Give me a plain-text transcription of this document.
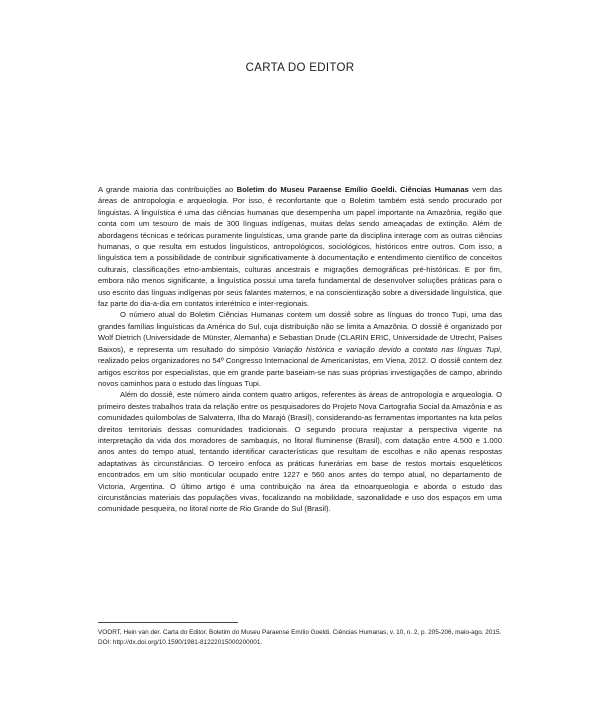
CARTA DO EDITOR

A grande maioria das contribuições ao Boletim do Museu Paraense Emílio Goeldi. Ciências Humanas vem das áreas de antropologia e arqueologia. Por isso, é reconfortante que o Boletim também está sendo procurado por linguistas. A linguística é uma das ciências humanas que desempenha um papel importante na Amazônia, região que conta com um tesouro de mais de 300 línguas indígenas, muitas delas sendo ameaçadas de extinção. Além de abordagens técnicas e teóricas puramente linguísticas, uma grande parte da disciplina interage com as outras ciências humanas, o que resulta em estudos linguísticos, antropológicos, sociológicos, históricos entre outros. Com isso, a linguística tem a possibilidade de contribuir significativamente à documentação e entendimento científico de conceitos culturais, classificações etno-ambientais, culturas ancestrais e migrações demográficas pré-históricas. E por fim, embora não menos significante, a linguística possui uma tarefa fundamental de desenvolver soluções práticas para o uso escrito das línguas indígenas por seus falantes maternos, e na conscientização sobre a diversidade linguística, que faz parte do dia-a-dia em contatos interétnico e inter-regionais.

O número atual do Boletim Ciências Humanas contem um dossiê sobre as línguas do tronco Tupi, uma das grandes famílias linguísticas da América do Sul, cuja distribuição não se limita a Amazônia. O dossiê é organizado por Wolf Dietrich (Universidade de Münster, Alemanha) e Sebastian Drude (CLARIN ERIC, Universidade de Utrecht, Países Baixos), e representa um resultado do simpósio Variação histórica e variação devido a contato nas línguas Tupi, realizado pelos organizadores no 54º Congresso Internacional de Americanistas, em Viena, 2012. O dossiê contem dez artigos escritos por especialistas, que em grande parte baseiam-se nas suas próprias investigações de campo, abrindo novos caminhos para o estudo das línguas Tupi.

Além do dossiê, este número ainda contem quatro artigos, referentes às áreas de antropologia e arqueologia. O primeiro destes trabalhos trata da relação entre os pesquisadores do Projeto Nova Cartografia Social da Amazônia e as comunidades quilombolas de Salvaterra, Ilha do Marajó (Brasil), considerando-as ferramentas importantes na luta pelos direitos territoriais dessas comunidades tradicionais. O segundo procura reajustar a perspectiva vigente na interpretação da vida dos moradores de sambaquis, no litoral fluminense (Brasil), com datação entre 4.500 e 1.000 anos antes do tempo atual, tentando identificar características que resultam de escolhas e não apenas respostas adaptativas às circunstâncias. O terceiro enfoca as práticas funerárias em base de restos mortais esqueléticos encontrados em um sítio monticular ocupado entre 1227 e 560 anos antes do tempo atual, no departamento de Victoria, Argentina. O último artigo é uma contribuição na área da etnoarqueologia e aborda o estudo das circunstâncias materiais das populações vivas, focalizando na mobilidade, sazonalidade e uso dos espaços em uma comunidade pesqueira, no litoral norte de Rio Grande do Sul (Brasil).

VOORT, Hein van der. Carta do Editor. Boletim do Museu Paraense Emílio Goeldi. Ciências Humanas, v. 10, n. 2, p. 205-206, maio-ago. 2015.
DOI: http://dx.doi.org/10.1590/1981-81222015000200001.
